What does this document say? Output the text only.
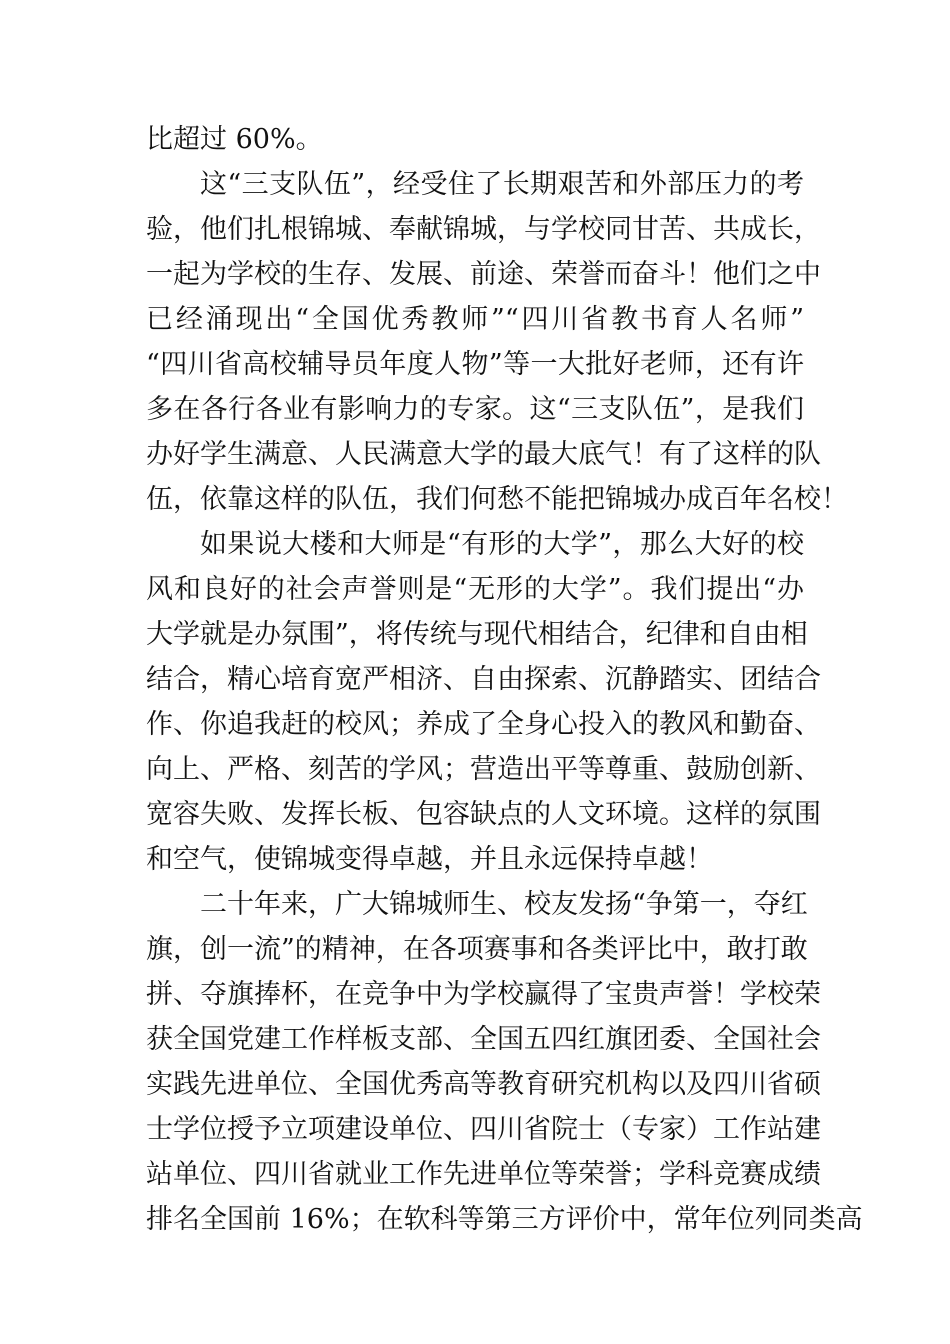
比超过 60%。

这“三支队伍”，经受住了长期艰苦和外部压力的考

验，他们扎根锦城、奉献锦城，与学校同甘苦、共成长，

一起为学校的生存、发展、前途、荣誉而奋斗！他们之中

已经涌现出“全国优秀教师”“四川省教书育人名师”

“四川省高校辅导员年度人物”等一大批好老师，还有许

多在各行各业有影响力的专家。这“三支队伍”，是我们

办好学生满意、人民满意大学的最大底气！有了这样的队

伍，依靠这样的队伍，我们何愁不能把锦城办成百年名校！

如果说大楼和大师是“有形的大学”，那么大好的校

风和良好的社会声誉则是“无形的大学”。我们提出“办

大学就是办氛围”，将传统与现代相结合，纪律和自由相

结合，精心培育宽严相济、自由探索、沉静踏实、团结合

作、你追我赶的校风；养成了全身心投入的教风和勤奋、

向上、严格、刻苦的学风；营造出平等尊重、鼓励创新、

宽容失败、发挥长板、包容缺点的人文环境。这样的氛围

和空气，使锦城变得卓越，并且永远保持卓越！

二十年来，广大锦城师生、校友发扬“争第一，夺红

旗，创一流”的精神，在各项赛事和各类评比中，敢打敢

拼、夺旗捧杯，在竞争中为学校赢得了宝贵声誉！学校荣

获全国党建工作样板支部、全国五四红旗团委、全国社会

实践先进单位、全国优秀高等教育研究机构以及四川省硕

士学位授予立项建设单位、四川省院士（专家）工作站建

站单位、四川省就业工作先进单位等荣誉；学科竞赛成绩

排名全国前 16%；在软科等第三方评价中，常年位列同类高
